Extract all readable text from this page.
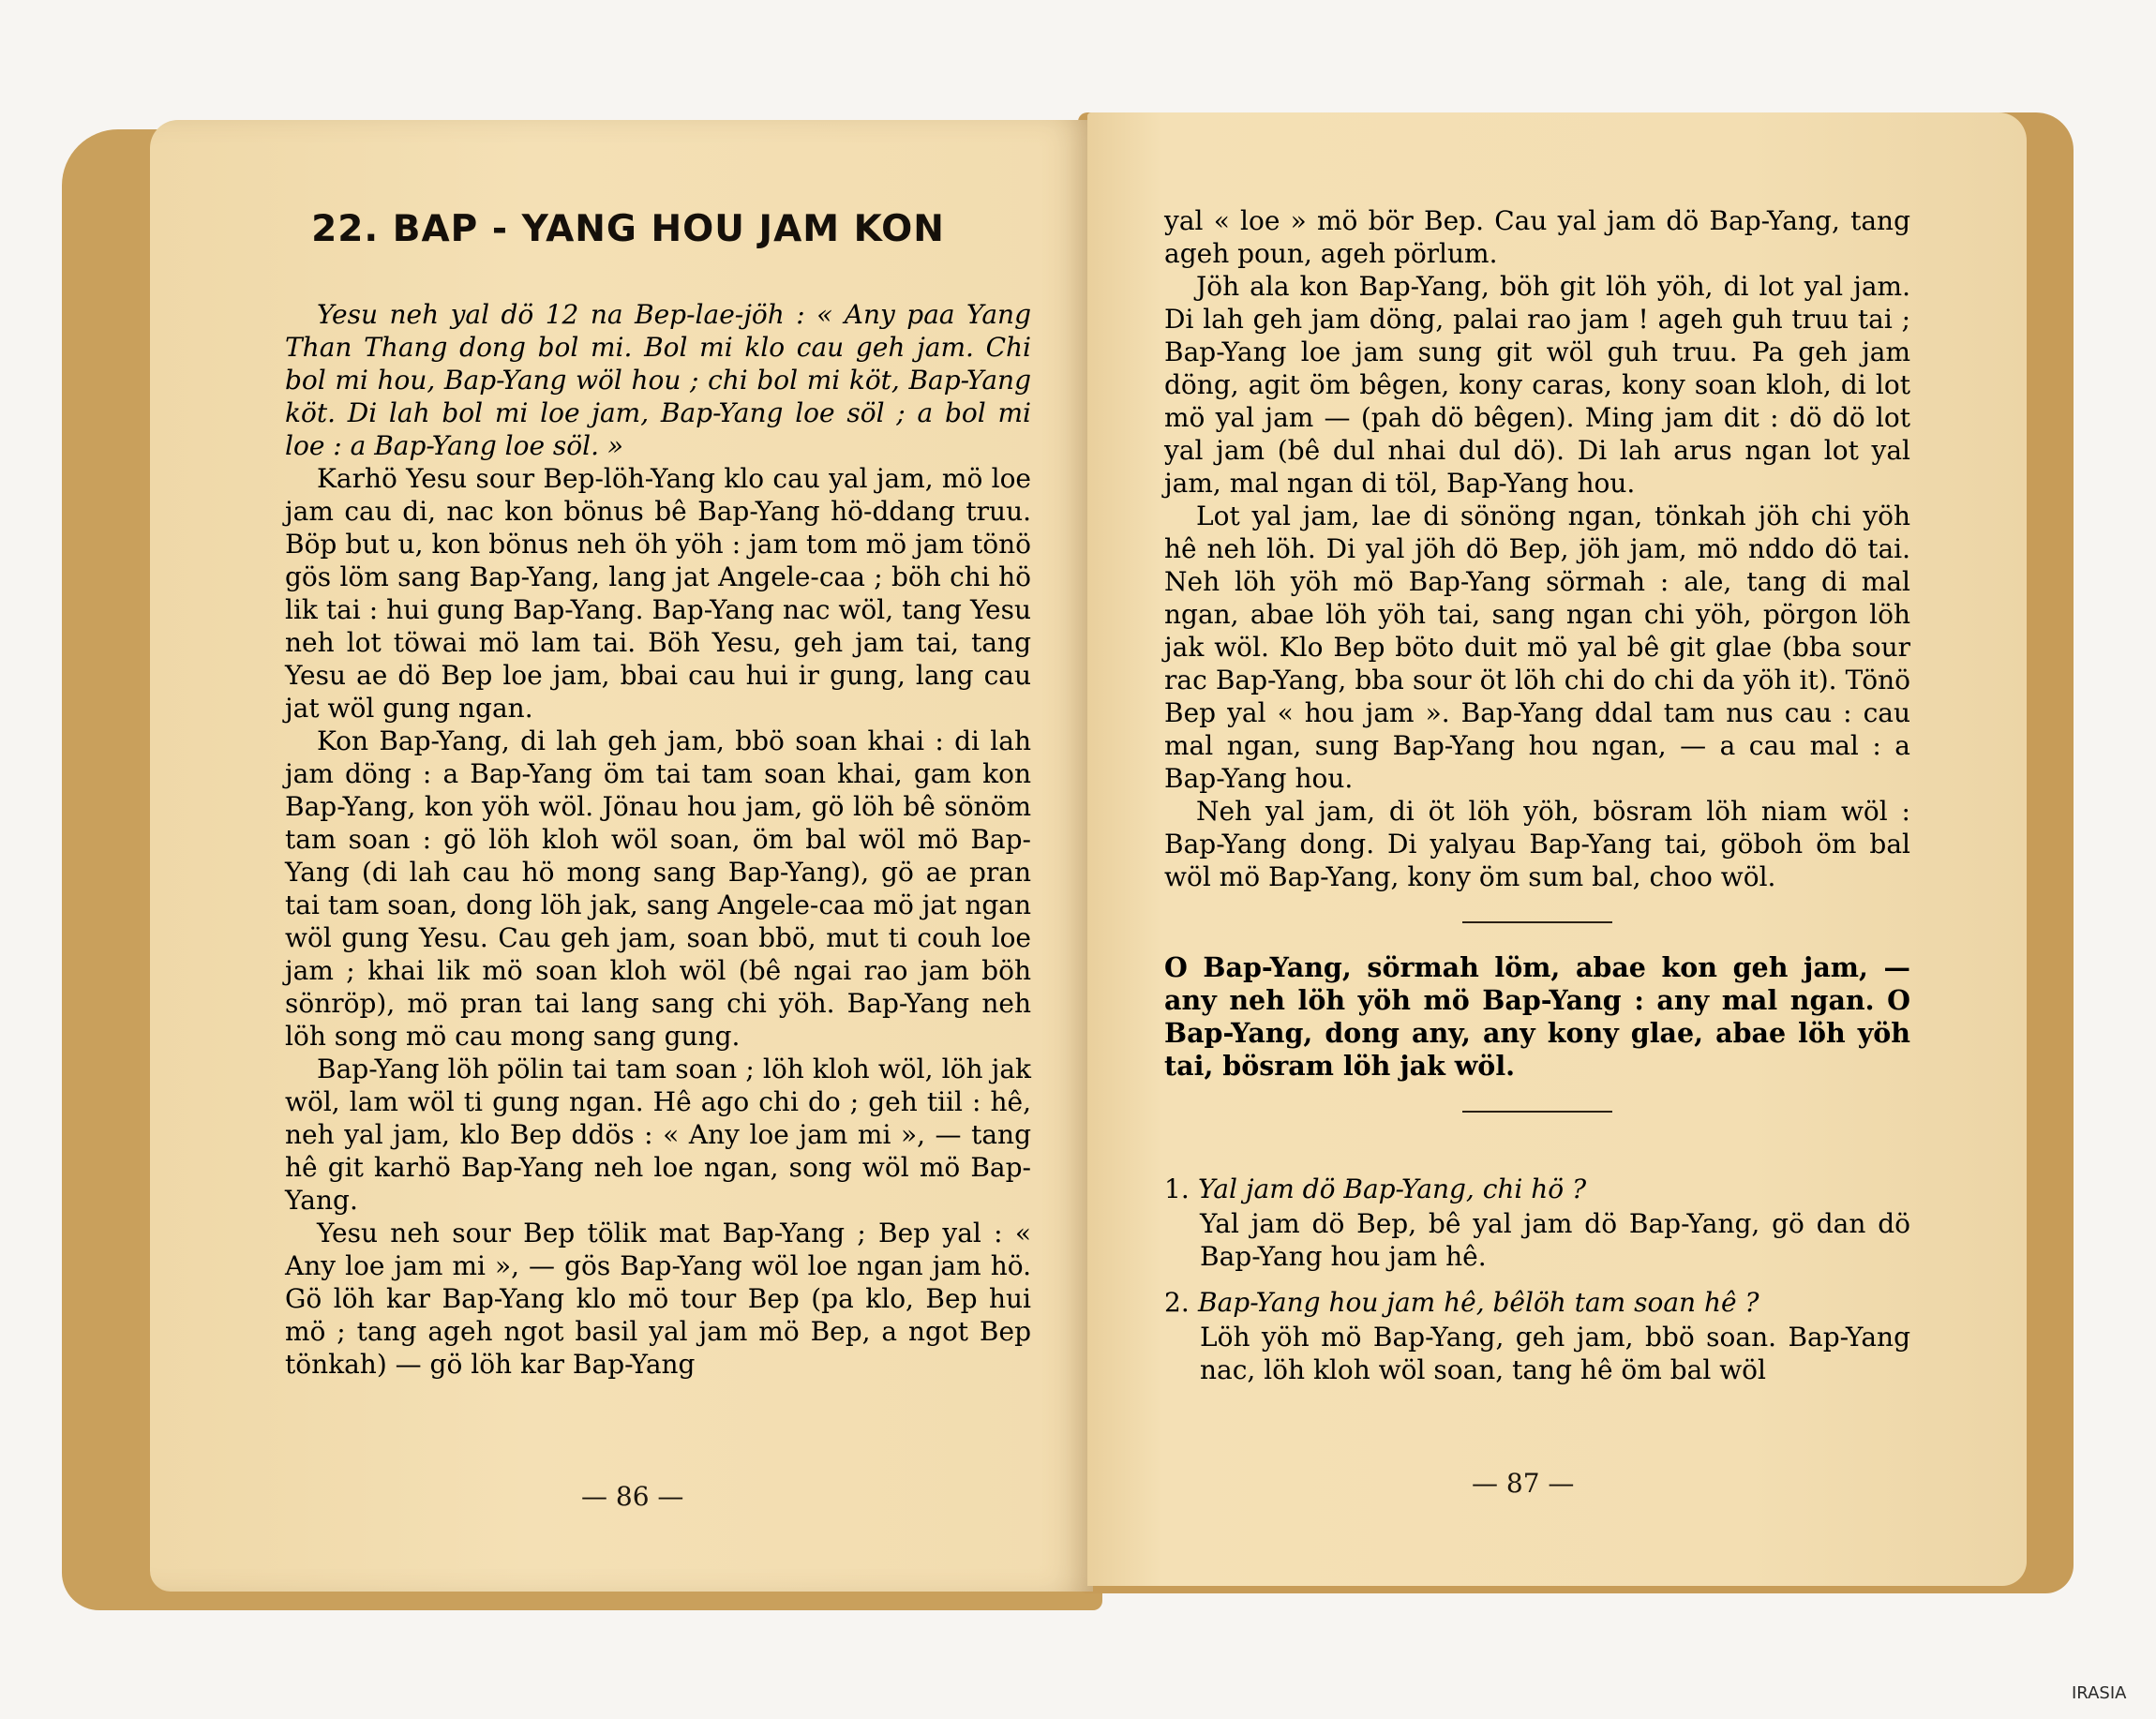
22. BAP - YANG HOU JAM KON

Yesu neh yal dö 12 na Bep-lae-jöh : « Any paa Yang Than Thang dong bol mi. Bol mi klo cau geh jam. Chi bol mi hou, Bap-Yang wöl hou ; chi bol mi köt, Bap-Yang köt. Di lah bol mi loe jam, Bap-Yang loe söl ; a bol mi loe : a Bap-Yang loe söl. »

Karhö Yesu sour Bep-löh-Yang klo cau yal jam, mö loe jam cau di, nac kon bönus bê Bap-Yang hö-ddang truu. Böp but u, kon bönus neh öh yöh : jam tom mö jam tönö gös löm sang Bap-Yang, lang jat Angele-caa ; böh chi hö lik tai : hui gung Bap-Yang. Bap-Yang nac wöl, tang Yesu neh lot töwai mö lam tai. Böh Yesu, geh jam tai, tang Yesu ae dö Bep loe jam, bbai cau hui ir gung, lang cau jat wöl gung ngan.

Kon Bap-Yang, di lah geh jam, bbö soan khai : di lah jam döng : a Bap-Yang öm tai tam soan khai, gam kon Bap-Yang, kon yöh wöl. Jönau hou jam, gö löh bê sönöm tam soan : gö löh kloh wöl soan, öm bal wöl mö Bap-Yang (di lah cau hö mong sang Bap-Yang), gö ae pran tai tam soan, dong löh jak, sang Angele-caa mö jat ngan wöl gung Yesu. Cau geh jam, soan bbö, mut ti couh loe jam ; khai lik mö soan kloh wöl (bê ngai rao jam böh sönröp), mö pran tai lang sang chi yöh. Bap-Yang neh löh song mö cau mong sang gung.

Bap-Yang löh pölin tai tam soan ; löh kloh wöl, löh jak wöl, lam wöl ti gung ngan. Hê ago chi do ; geh tiil : hê, neh yal jam, klo Bep ddös : « Any loe jam mi », — tang hê git karhö Bap-Yang neh loe ngan, song wöl mö Bap-Yang.

Yesu neh sour Bep tölik mat Bap-Yang ; Bep yal : « Any loe jam mi », — gös Bap-Yang wöl loe ngan jam hö. Gö löh kar Bap-Yang klo mö tour Bep (pa klo, Bep hui mö ; tang ageh ngot basil yal jam mö Bep, a ngot Bep tönkah) — gö löh kar Bap-Yang

— 86 —

yal « loe » mö bör Bep. Cau yal jam dö Bap-Yang, tang ageh poun, ageh pörlum.

Jöh ala kon Bap-Yang, böh git löh yöh, di lot yal jam. Di lah geh jam döng, palai rao jam ! ageh guh truu tai ; Bap-Yang loe jam sung git wöl guh truu. Pa geh jam döng, agit öm bêgen, kony caras, kony soan kloh, di lot mö yal jam — (pah dö bêgen). Ming jam dit : dö dö lot yal jam (bê dul nhai dul dö). Di lah arus ngan lot yal jam, mal ngan di töl, Bap-Yang hou.

Lot yal jam, lae di sönöng ngan, tönkah jöh chi yöh hê neh löh. Di yal jöh dö Bep, jöh jam, mö nddo dö tai. Neh löh yöh mö Bap-Yang sörmah : ale, tang di mal ngan, abae löh yöh tai, sang ngan chi yöh, pörgon löh jak wöl. Klo Bep böto duit mö yal bê git glae (bba sour rac Bap-Yang, bba sour öt löh chi do chi da yöh it). Tönö Bep yal « hou jam ». Bap-Yang ddal tam nus cau : cau mal ngan, sung Bap-Yang hou ngan, — a cau mal : a Bap-Yang hou.

Neh yal jam, di öt löh yöh, bösram löh niam wöl : Bap-Yang dong. Di yalyau Bap-Yang tai, göboh öm bal wöl mö Bap-Yang, kony öm sum bal, choo wöl.

O Bap-Yang, sörmah löm, abae kon geh jam, — any neh löh yöh mö Bap-Yang : any mal ngan. O Bap-Yang, dong any, any kony glae, abae löh yöh tai, bösram löh jak wöl.

1. Yal jam dö Bap-Yang, chi hö ?

Yal jam dö Bep, bê yal jam dö Bap-Yang, gö dan dö Bap-Yang hou jam hê.

2. Bap-Yang hou jam hê, bêlöh tam soan hê ?

Löh yöh mö Bap-Yang, geh jam, bbö soan. Bap-Yang nac, löh kloh wöl soan, tang hê öm bal wöl

— 87 —
IRASIA
